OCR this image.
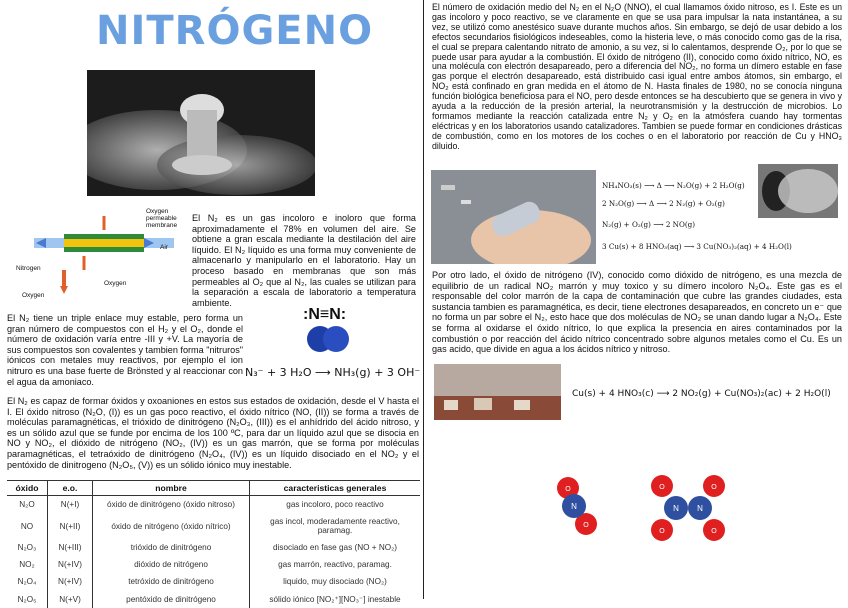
NITRÓGENO
Oxygen permeable membrane
Air
Nitrogen
Oxygen
Oxygen
El N₂ es un gas incoloro e inoloro que forma aproximadamente el 78% en volumen del aire. Se obtiene a gran escala mediante la destilación del aire líquido. El N₂ líquido es una forma muy conveniente de almacenarlo y manipularlo en el laboratorio. Hay un proceso basado en membranas que son más permeables al O₂ que al N₂, las cuales se utilizan para la separación a escala de laboratorio a temperatura ambiente.
El N₂ tiene un triple enlace muy estable, pero forma un gran número de compuestos con el H₂ y el O₂, donde el número de oxidación varía entre -III y +V. La mayoría de sus compuestos son covalentes y tambien forma "nitruros" iónicos con metales muy reactivos, por ejemplo el ion nitruro es una base fuerte de Brönsted y al reaccionar con el agua da amoniaco.
:N≡N:
N₃⁻ + 3 H₂O ⟶ NH₃(g) + 3 OH⁻
El N₂ es capaz de formar óxidos y oxoaniones en estos sus estados de oxidación, desde el V hasta el I. El óxido nitroso (N₂O, (I)) es un gas poco reactivo, el óxido nítrico (NO, (II)) se forma a través de moléculas paramagnéticas, el trióxido de dinitrógeno (N₂O₃, (III)) es el anhídrido del ácido nitroso, y es un sólido azul que se funde por encima de los 100 ºC, para dar un líquido azul que se disocia en NO y NO₂, el dióxido de nitrógeno (NO₂, (IV)) es un gas marrón, que se forma por moléculas paramagnéticas, el tetraóxido de dinitrógeno (N₂O₄, (IV)) es un líquido disociado en el NO₂ y el pentóxido de dinitrogeno (N₂O₅, (V)) es un sólido iónico muy inestable.
óxido	e.o.	nombre	caracteristicas generales
N₂O	N(+I)	óxido de dinitrógeno (óxido nitroso)	gas incoloro, poco reactivo
NO	N(+II)	óxido de nitrógeno (óxido nítrico)	gas incol, moderadamente reactivo, paramag.
N₂O₃	N(+III)	trióxido de dinitrógeno	disociado en fase gas (NO + NO₂)
NO₂	N(+IV)	dióxido de nitrógeno	gas marrón, reactivo, paramag.
N₂O₄	N(+IV)	tetróxido de dinitrógeno	liquido, muy disociado (NO₂)
N₂O₅	N(+V)	pentóxido de dinitrógeno	sólido iónico [NO₂⁺][NO₃⁻] inestable
El número de oxidación medio del N₂ en el N₂O (NNO), el cual llamamos óxido nitroso, es I. Este es un gas incoloro y poco reactivo, se ve claramente en que se usa para impulsar la nata instantánea, a su vez, se utilizó como anestésico suave durante muchos años. Sin embargo, se dejó de usar debido a los efectos secundarios fisiológicos indeseables, como la histeria leve, o más conocido como gas de la risa, el cual se prepara calentando nitrato de amonio, a su vez, si lo calentamos, desprende O₂, por lo que se puede usar para ayudar a la combustión. El óxido de nitrógeno (II), conocido como óxido nítrico, NO, es una molécula con electrón desapareado, pero a diferencia del NO₂, no forma un dímero estable en fase gas porque el electrón desapareado, está distribuido casi igual entre ambos átomos, sin embargo, el NO₂ está confinado en gran medida en el átomo de N. Hasta finales de 1980, no se conocía ninguna función biológica beneficiosa para el NO, pero desde entonces se ha descubierto que se genera in vivo y ayuda a la reducción de la presión arterial, la neurotransmisión y la destrucción de microbios. Lo formamos mediante la reacción catalizada entre N₂ y O₂ en la atmósfera cuando hay tormentas eléctricas y en los laboratorios usando catalizadores. Tambien se puede formar en condiciones drásticas de combustión, como en los motores de los coches o en el laboratorio por reacción de Cu y HNO₃ diluido.
NH₄NO₃(s) ⟶ Δ ⟶ N₂O(g) + 2 H₂O(g)
2 N₂O(g) ⟶ Δ ⟶ 2 N₂(g) + O₂(g)
N₂(g) + O₂(g) ⟶ 2 NO(g)
3 Cu(s) + 8 HNO₃(aq) ⟶ 3 Cu(NO₃)₂(aq) + 4 H₂O(l)
Por otro lado, el óxido de nitrógeno (IV), conocido como dióxido de nitrógeno, es una mezcla de equilibrio de un radical NO₂ marrón y muy toxico y su dímero incoloro N₂O₄. Este gas es el responsable del color marrón de la capa de contaminación que cubre las grandes ciudades, esta sustancia tambien es paramagnética, es decir, tiene electrones desapareados, en concreto un e⁻ que no forma un par sobre el N₂, esto hace que dos moléculas de NO₂ se unan dando lugar a N₂O₄. Este se forma al oxidarse el óxido nítrico, lo que explica la presencia en aires contaminados por la combustión o por reacción del ácido nítrico concentrado sobre algunos metales como el Cu. Es un gas acido, que divide en agua a los ácidos nítrico y nitroso.
Cu(s) + 4 HNO₃(c) ⟶ 2 NO₂(g) + Cu(NO₃)₂(ac) + 2 H₂O(l)
N
O
O
N N
O	O
O	O
